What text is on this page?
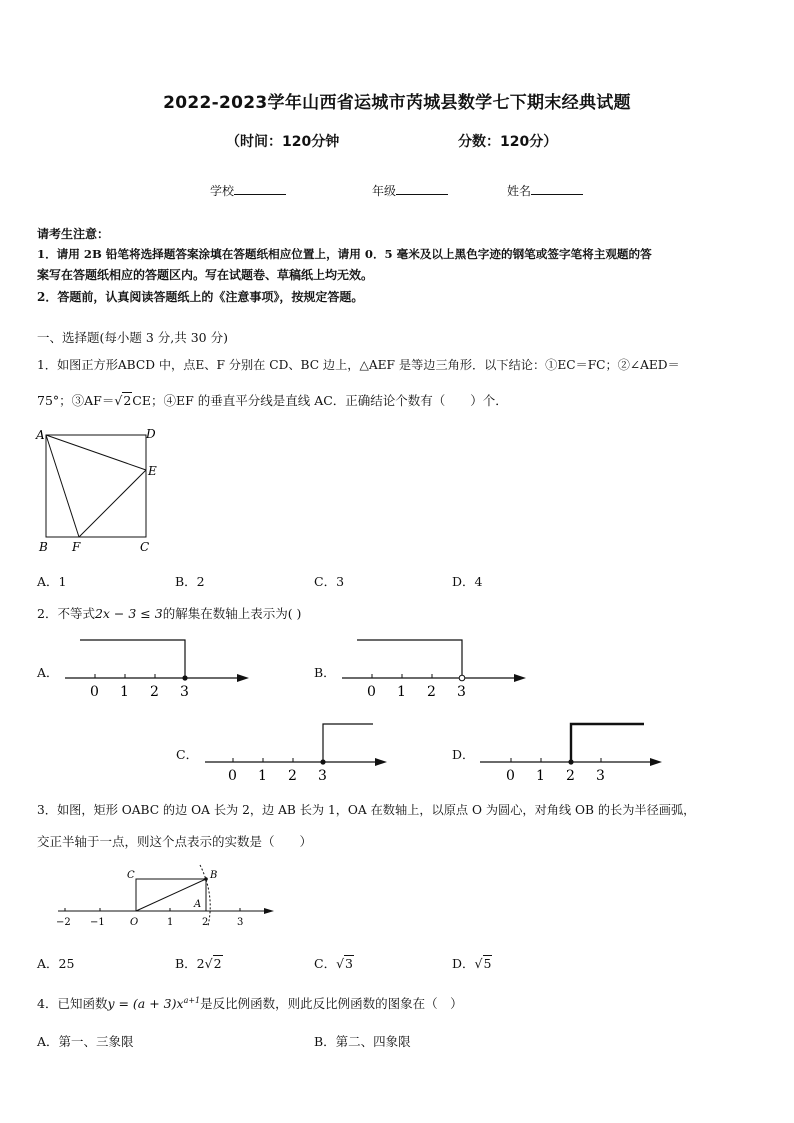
2022-2023学年山西省运城市芮城县数学七下期末经典试题
（时间：120分钟	分数：120分）
学校	年级	姓名
请考生注意：
1．请用 2B 铅笔将选择题答案涂填在答题纸相应位置上，请用 0．5 毫米及以上黑色字迹的钢笔或签字笔将主观题的答
案写在答题纸相应的答题区内。写在试题卷、草稿纸上均无效。
2．答题前，认真阅读答题纸上的《注意事项》，按规定答题。
一、选择题(每小题 3 分,共 30 分)
1．如图正方形ABCD 中，点E、F 分别在 CD、BC 边上，△AEF 是等边三角形．以下结论：①EC＝FC；②∠AED＝
75°；③AF＝√2CE；④EF 的垂直平分线是直线 AC．正确结论个数有（　　）个．
A	D
E
B F	C
A．1	B．2	C．3	D．4
2．不等式2x − 3 ≤ 3的解集在数轴上表示为( )
A．
0 1 2 3
B．
0 1 2 3
C．
0 1 2 3
D．
0 1 2 3
3．如图，矩形 OABC 的边 OA 长为 2，边 AB 长为 1，OA 在数轴上，以原点 O 为圆心，对角线 OB 的长为半径画弧，
交正半轴于一点，则这个点表示的实数是（　　）
−2 −1	O	1	2	3
C	B
A
A．25	B．2√2	C．√3	D．√5
4．已知函数$y = (a + 3)x^{a+1}$是反比例函数，则此反比例函数的图象在（　）
A．第一、三象限	B．第二、四象限
